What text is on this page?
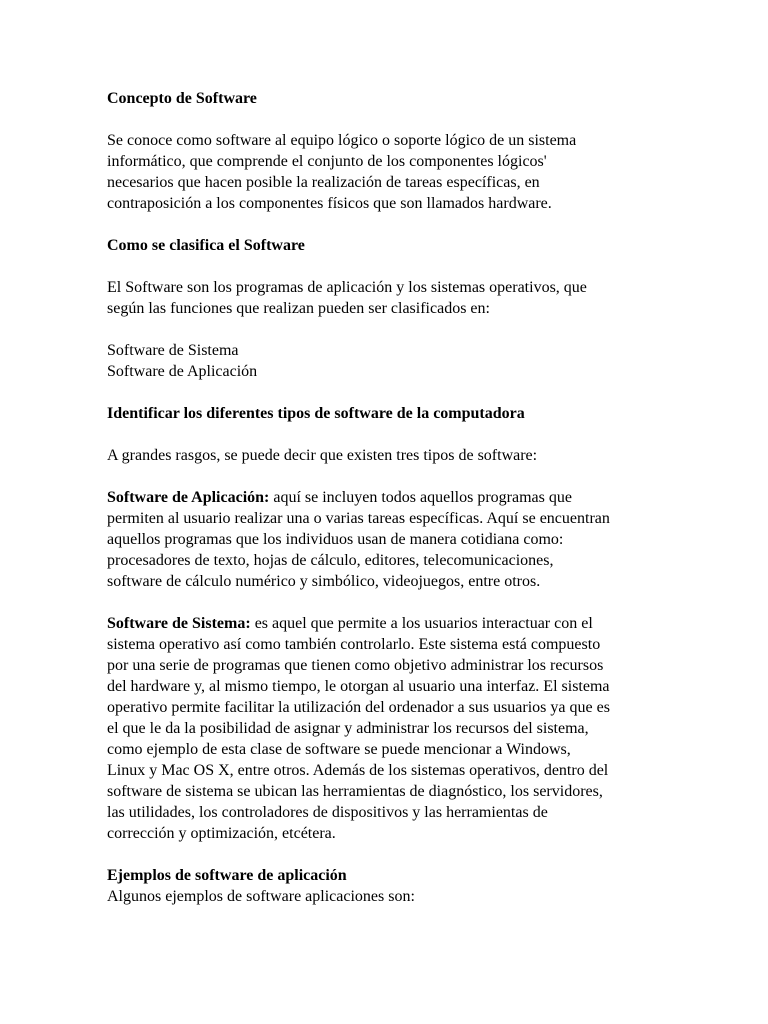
Concepto de Software

Se conoce como software al equipo lógico o soporte lógico de un sistema

informático, que comprende el conjunto de los componentes lógicos'

necesarios que hacen posible la realización de tareas específicas, en

contraposición a los componentes físicos que son llamados hardware.

Como se clasifica el Software

El Software son los programas de aplicación y los sistemas operativos, que

según las funciones que realizan pueden ser clasificados en:

Software de Sistema

Software de Aplicación

Identificar los diferentes tipos de software de la computadora

A grandes rasgos, se puede decir que existen tres tipos de software:

Software de Aplicación: aquí se incluyen todos aquellos programas que

permiten al usuario realizar una o varias tareas específicas. Aquí se encuentran

aquellos programas que los individuos usan de manera cotidiana como:

procesadores de texto, hojas de cálculo, editores, telecomunicaciones,

software de cálculo numérico y simbólico, videojuegos, entre otros.

Software de Sistema: es aquel que permite a los usuarios interactuar con el

sistema operativo así como también controlarlo. Este sistema está compuesto

por una serie de programas que tienen como objetivo administrar los recursos

del hardware y, al mismo tiempo, le otorgan al usuario una interfaz. El sistema

operativo permite facilitar la utilización del ordenador a sus usuarios ya que es

el que le da la posibilidad de asignar y administrar los recursos del sistema,

como ejemplo de esta clase de software se puede mencionar a Windows,

Linux y Mac OS X, entre otros. Además de los sistemas operativos, dentro del

software de sistema se ubican las herramientas de diagnóstico, los servidores,

las utilidades, los controladores de dispositivos y las herramientas de

corrección y optimización, etcétera.

Ejemplos de software de aplicación

Algunos ejemplos de software aplicaciones son:
